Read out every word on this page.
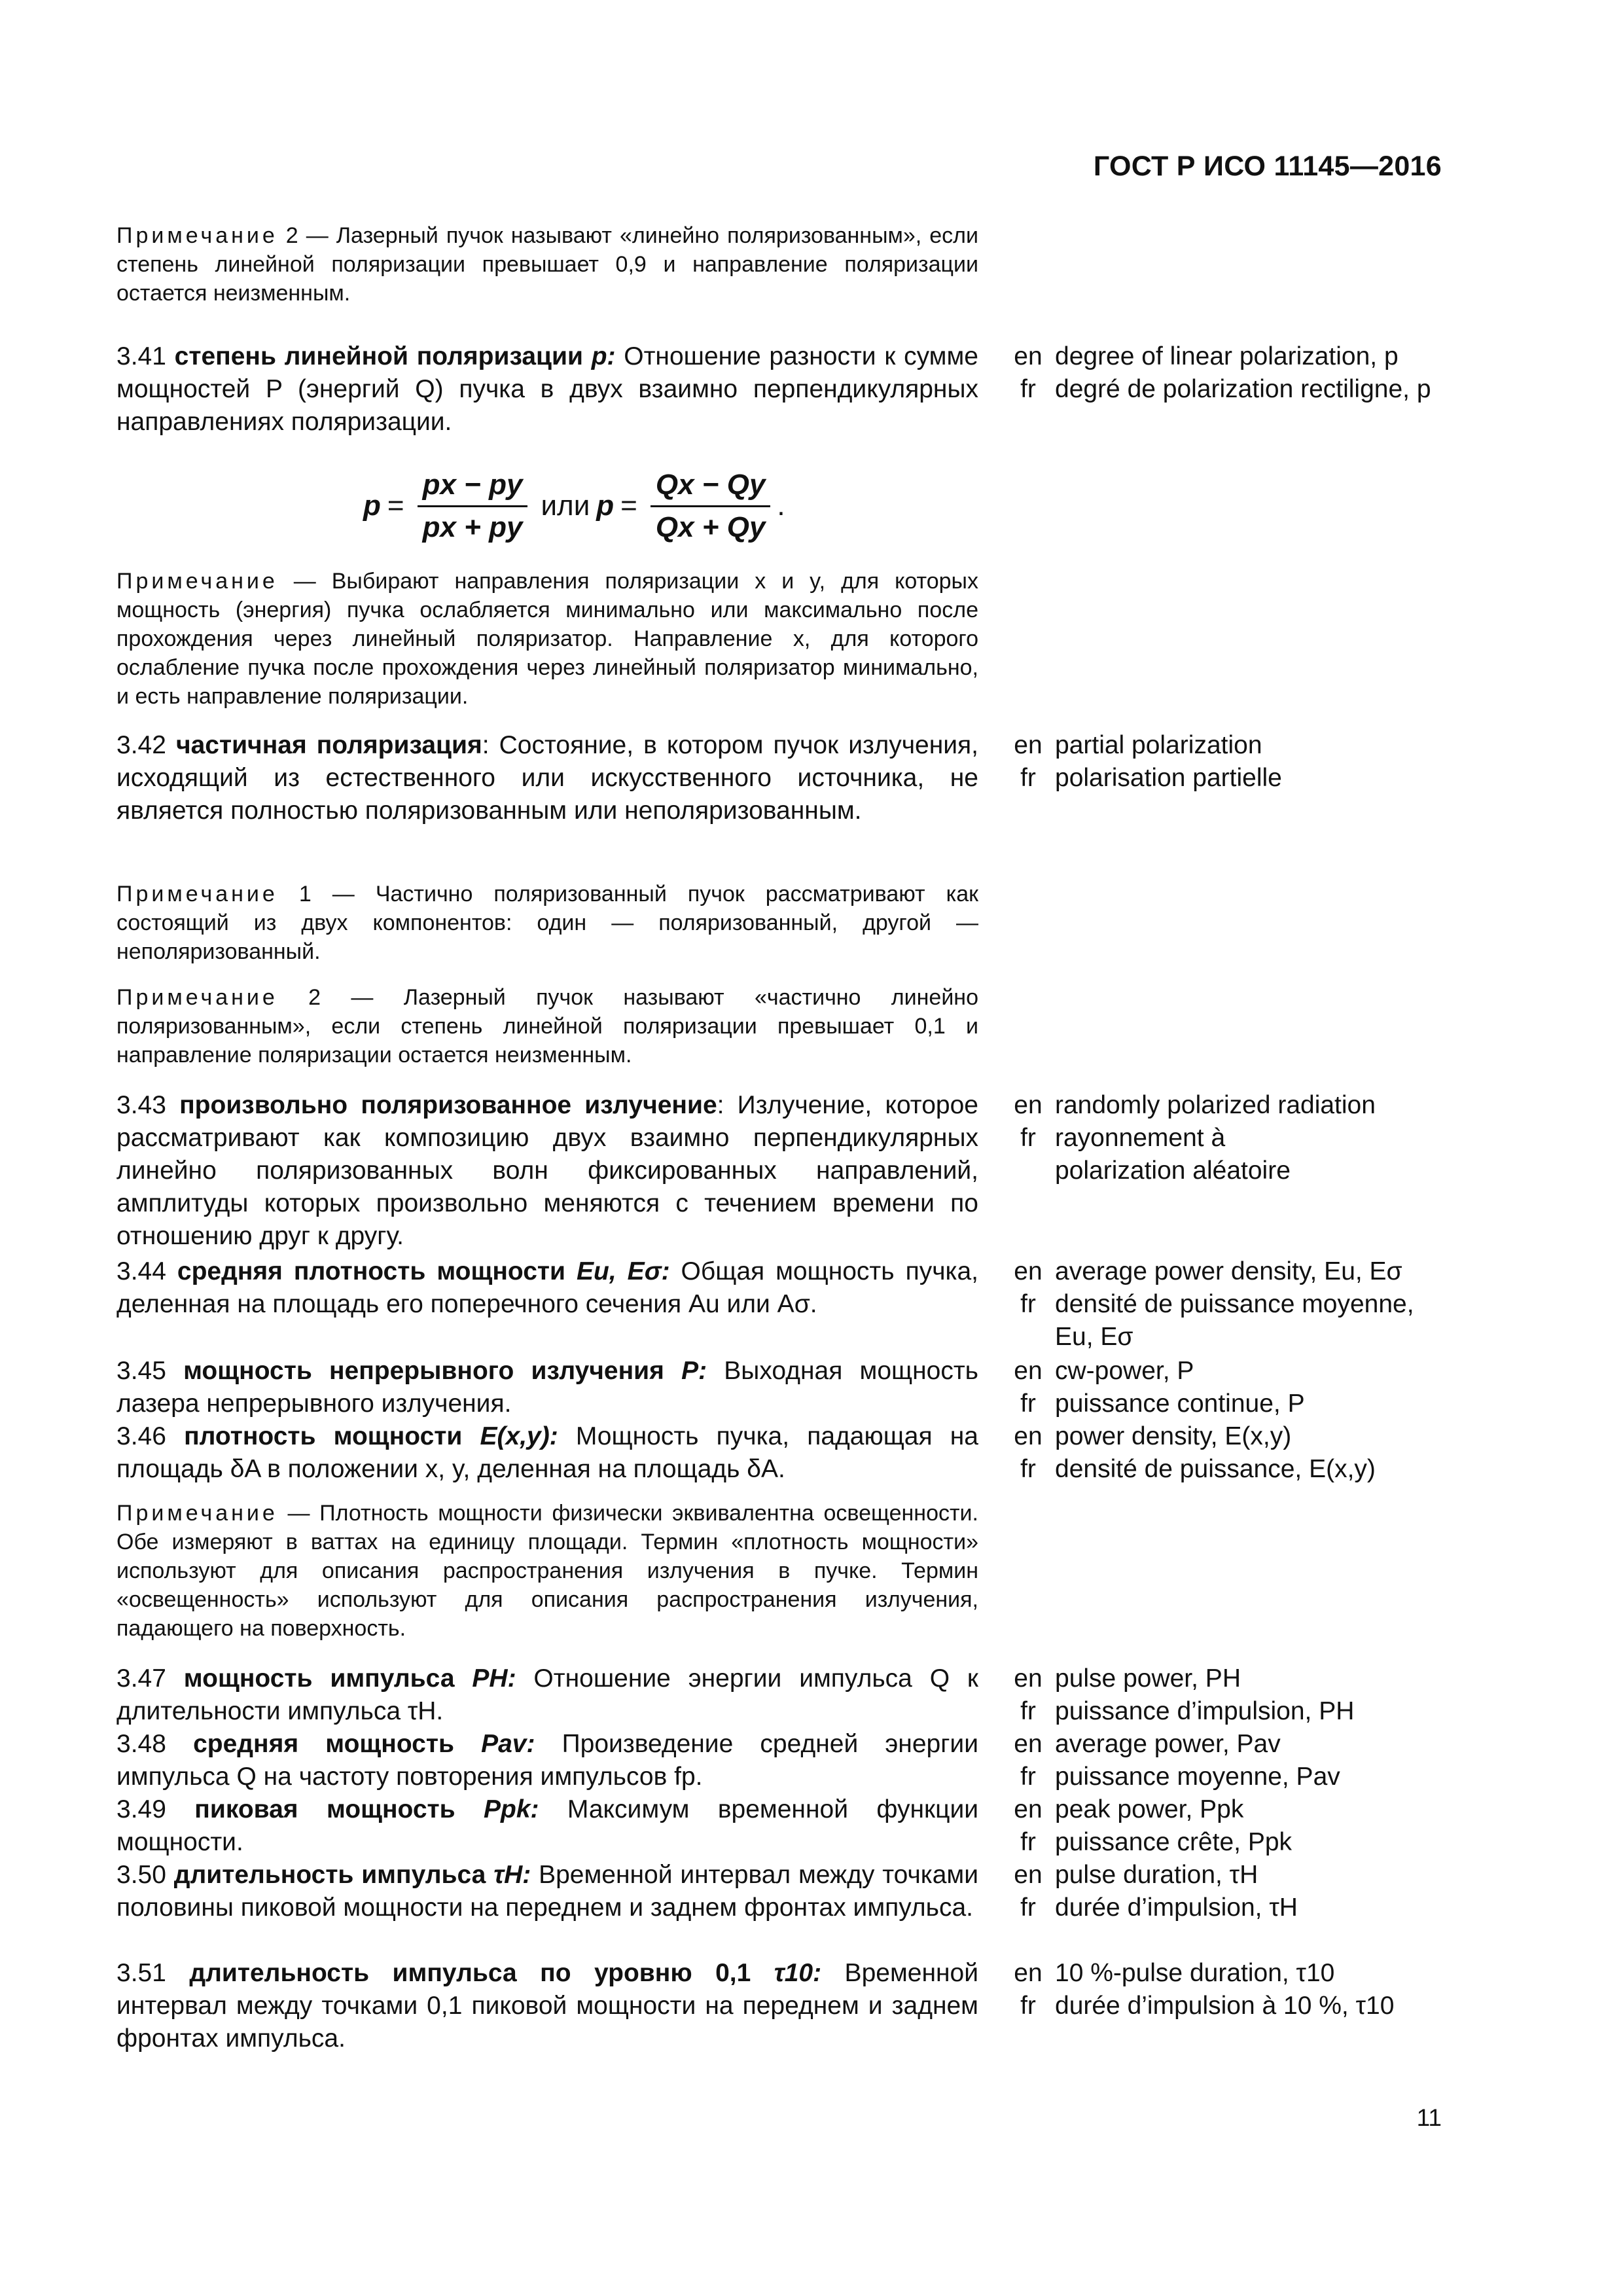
ГОСТ Р ИСО 11145—2016
Примечание 2 — Лазерный пучок называют «линейно поляризованным», если степень линейной поляризации превышает 0,9 и направление поляризации остается неизменным.
3.41 степень линейной поляризации p: Отношение разности к сумме мощностей P (энергий Q) пучка в двух взаимно перпендикулярных направлениях поляризации.
en degree of linear polarization, p
fr degré de polarization rectiligne, p
$p = \frac{px - py}{px + py}$ или $p = \frac{Qx - Qy}{Qx + Qy}$ .
Примечание — Выбирают направления поляризации x и y, для которых мощность (энергия) пучка ослабляется минимально или максимально после прохождения через линейный поляризатор. Направление x, для которого ослабление пучка после прохождения через линейный поляризатор минимально, и есть направление поляризации.
3.42 частичная поляризация: Состояние, в котором пучок излучения, исходящий из естественного или искусственного источника, не является полностью поляризованным или неполяризованным.
en partial polarization
fr polarisation partielle
Примечание 1 — Частично поляризованный пучок рассматривают как состоящий из двух компонентов: один — поляризованный, другой — неполяризованный.
Примечание 2 — Лазерный пучок называют «частично линейно поляризованным», если степень линейной поляризации превышает 0,1 и направление поляризации остается неизменным.
3.43 произвольно поляризованное излучение: Излучение, которое рассматривают как композицию двух взаимно перпендикулярных линейно поляризованных волн фиксированных направлений, амплитуды которых произвольно меняются с течением времени по отношению друг к другу.
en randomly polarized radiation
fr rayonnement à polarization aléatoire
3.44 средняя плотность мощности Eu, Eσ: Общая мощность пучка, деленная на площадь его поперечного сечения Au или Aσ.
en average power density, Eu, Eσ
fr densité de puissance moyenne, Eu, Eσ
3.45 мощность непрерывного излучения P: Выходная мощность лазера непрерывного излучения.
en cw-power, P
fr puissance continue, P
3.46 плотность мощности E(x,y): Мощность пучка, падающая на площадь δA в положении x, y, деленная на площадь δA.
en power density, E(x,y)
fr densité de puissance, E(x,y)
Примечание — Плотность мощности физически эквивалентна освещенности. Обе измеряют в ваттах на единицу площади. Термин «плотность мощности» используют для описания распространения излучения в пучке. Термин «освещенность» используют для описания распространения излучения, падающего на поверхность.
3.47 мощность импульса PH: Отношение энергии импульса Q к длительности импульса τH.
en pulse power, PH
fr puissance d’impulsion, PH
3.48 средняя мощность Pav: Произведение средней энергии импульса Q на частоту повторения импульсов fp.
en average power, Pav
fr puissance moyenne, Pav
3.49 пиковая мощность Ppk: Максимум временной функции мощности.
en peak power, Ppk
fr puissance crête, Ppk
3.50 длительность импульса τH: Временной интервал между точками половины пиковой мощности на переднем и заднем фронтах импульса.
en pulse duration, τH
fr durée d’impulsion, τH
3.51 длительность импульса по уровню 0,1 τ10: Временной интервал между точками 0,1 пиковой мощности на переднем и заднем фронтах импульса.
en 10 %-pulse duration, τ10
fr durée d’impulsion à 10 %, τ10
11
